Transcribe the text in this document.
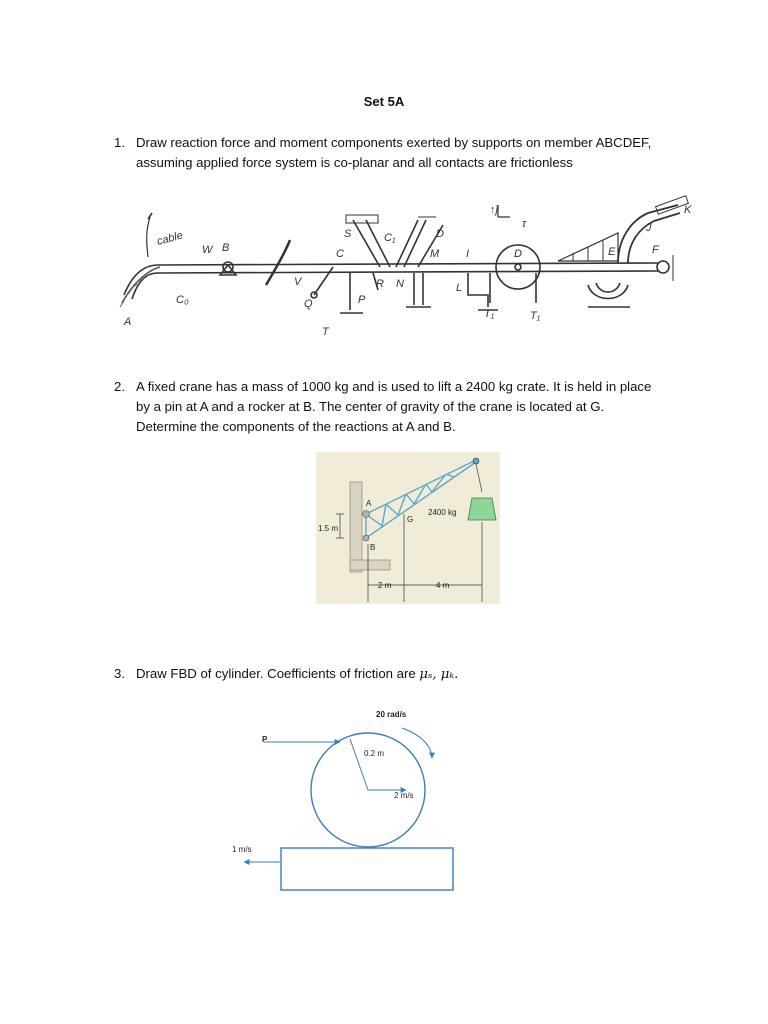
Set 5A
1. Draw reaction force and moment components exerted by supports on member ABCDEF,
assuming applied force system is co-planar and all contacts are frictionless
cable
W B
A
C₀
V
Q
C
S	C₁	D
R N
P
T
M I
L
D
T₁	T₁
E	F
J
K
τ
↑ĵ
2. A fixed crane has a mass of 1000 kg and is used to lift a 2400 kg crate. It is held in place
by a pin at A and a rocker at B. The center of gravity of the crane is located at G.
Determine the components of the reactions at A and B.
A
B
G
2400 kg
1.5 m
2 m	4 m
3. Draw FBD of cylinder. Coefficients of friction are μₛ, μₖ.
20 rad/s
P
0.2 m
2 m/s
1 m/s
